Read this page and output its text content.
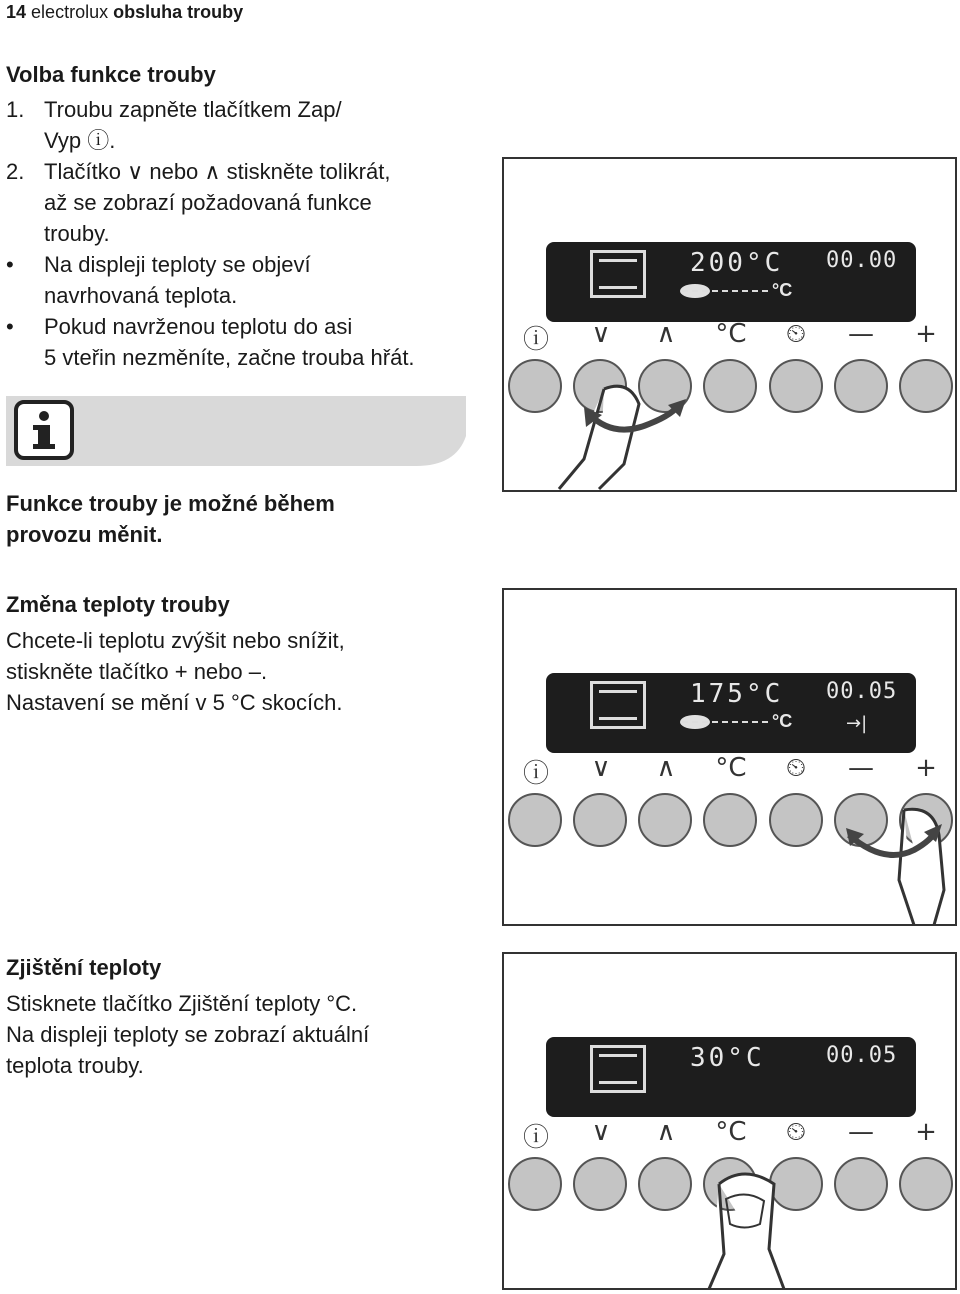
14 electrolux obsluha trouby
Volba funkce trouby
1. Troubu zapněte tlačítkem Zap/
Vyp ⓘ.
2. Tlačítko ∨ nebo ∧ stiskněte tolikrát,
až se zobrazí požadovaná funkce
trouby.
• Na displeji teploty se objeví
navrhovaná teplota.
• Pokud navrženou teplotu do asi
5 vteřin nezměníte, začne trouba hřát.
Funkce trouby je možné během
provozu měnit.
Změna teploty trouby
Chcete-li teplotu zvýšit nebo snížit,
stiskněte tlačítko + nebo –.
Nastavení se mění v 5 °C skocích.
Zjištění teploty
Stisknete tlačítko Zjištění teploty °C.
Na displeji teploty se zobrazí aktuální
teplota trouby.
200°C 00.00
°C
ⓘ	∨	∧	°C	⏲	—	+
175°C 00.05
°C	→|
ⓘ	∨	∧	°C	⏲	—	+
30°C	00.05
ⓘ	∨	∧	°C	⏲	—	+
